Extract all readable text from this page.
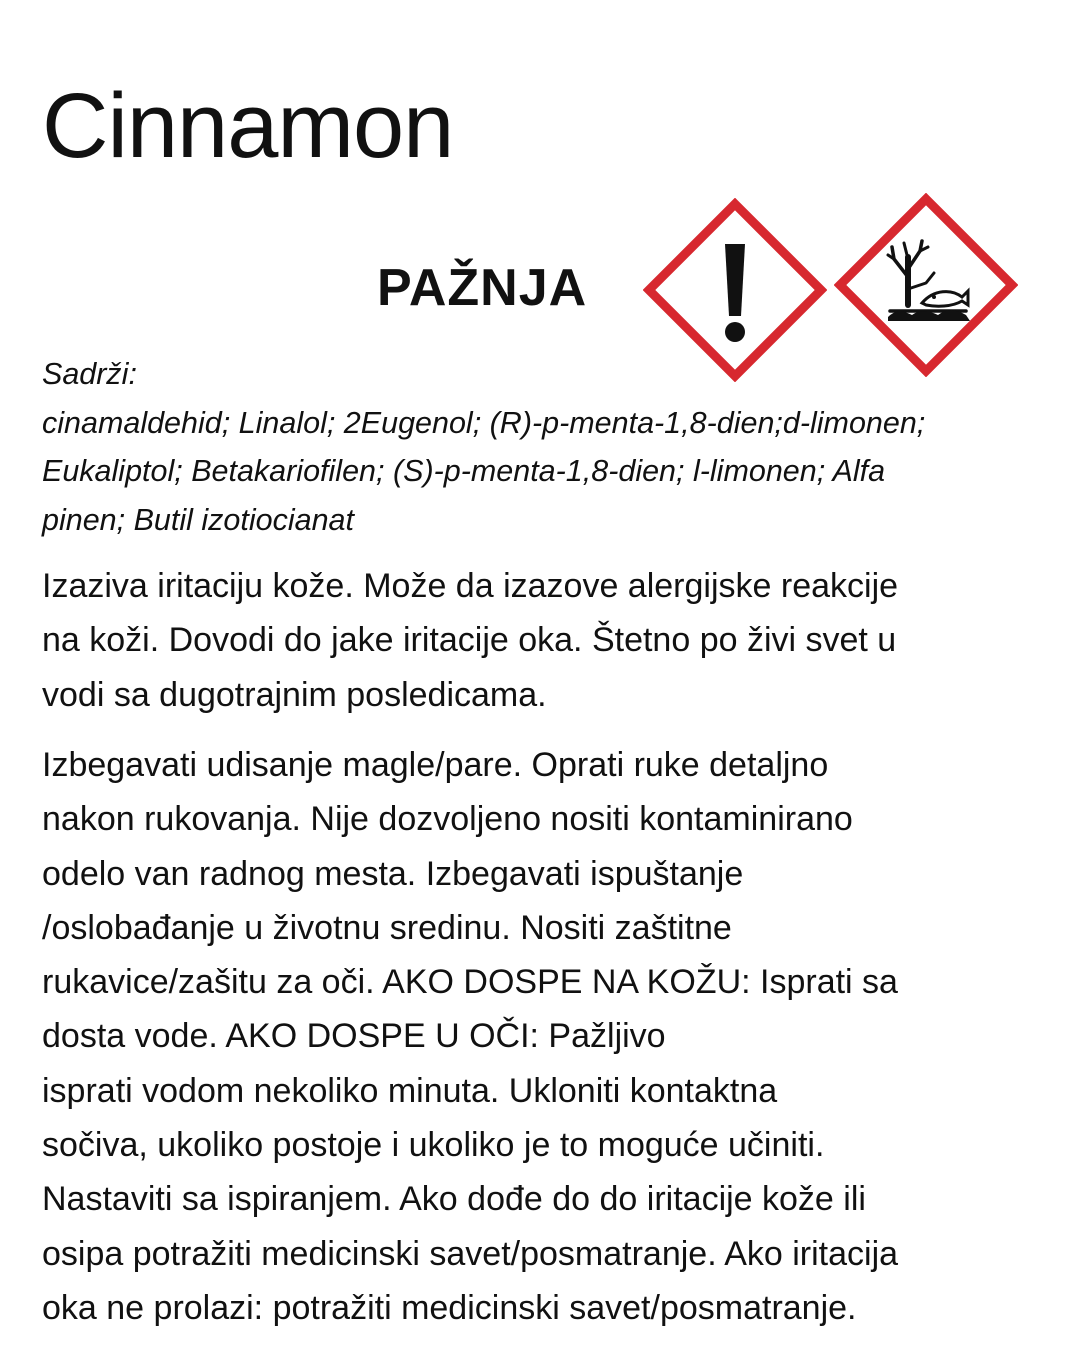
Cinnamon
PAŽNJA
Sadrži:
cinamaldehid; Linalol; 2Eugenol; (R)-p-menta-1,8-dien;d-limonen;
Eukaliptol; Betakariofilen; (S)-p-menta-1,8-dien; l-limonen; Alfa
pinen; Butil izotiocianat
Izaziva iritaciju kože. Može da izazove alergijske reakcije
na koži. Dovodi do jake iritacije oka. Štetno po živi svet u
vodi sa dugotrajnim posledicama.
Izbegavati udisanje magle/pare. Oprati ruke detaljno
nakon rukovanja. Nije dozvoljeno nositi kontaminirano
odelo van radnog mesta. Izbegavati ispuštanje
/oslobađanje u životnu sredinu. Nositi zaštitne
rukavice/zašitu za oči. AKO DOSPE NA KOŽU: Isprati sa
dosta vode. AKO DOSPE U OČI: Pažljivo
isprati vodom nekoliko minuta. Ukloniti kontaktna
sočiva, ukoliko postoje i ukoliko je to moguće učiniti.
Nastaviti sa ispiranjem. Ako dođe do do iritacije kože ili
osipa potražiti medicinski savet/posmatranje. Ako iritacija
oka ne prolazi: potražiti medicinski savet/posmatranje.
